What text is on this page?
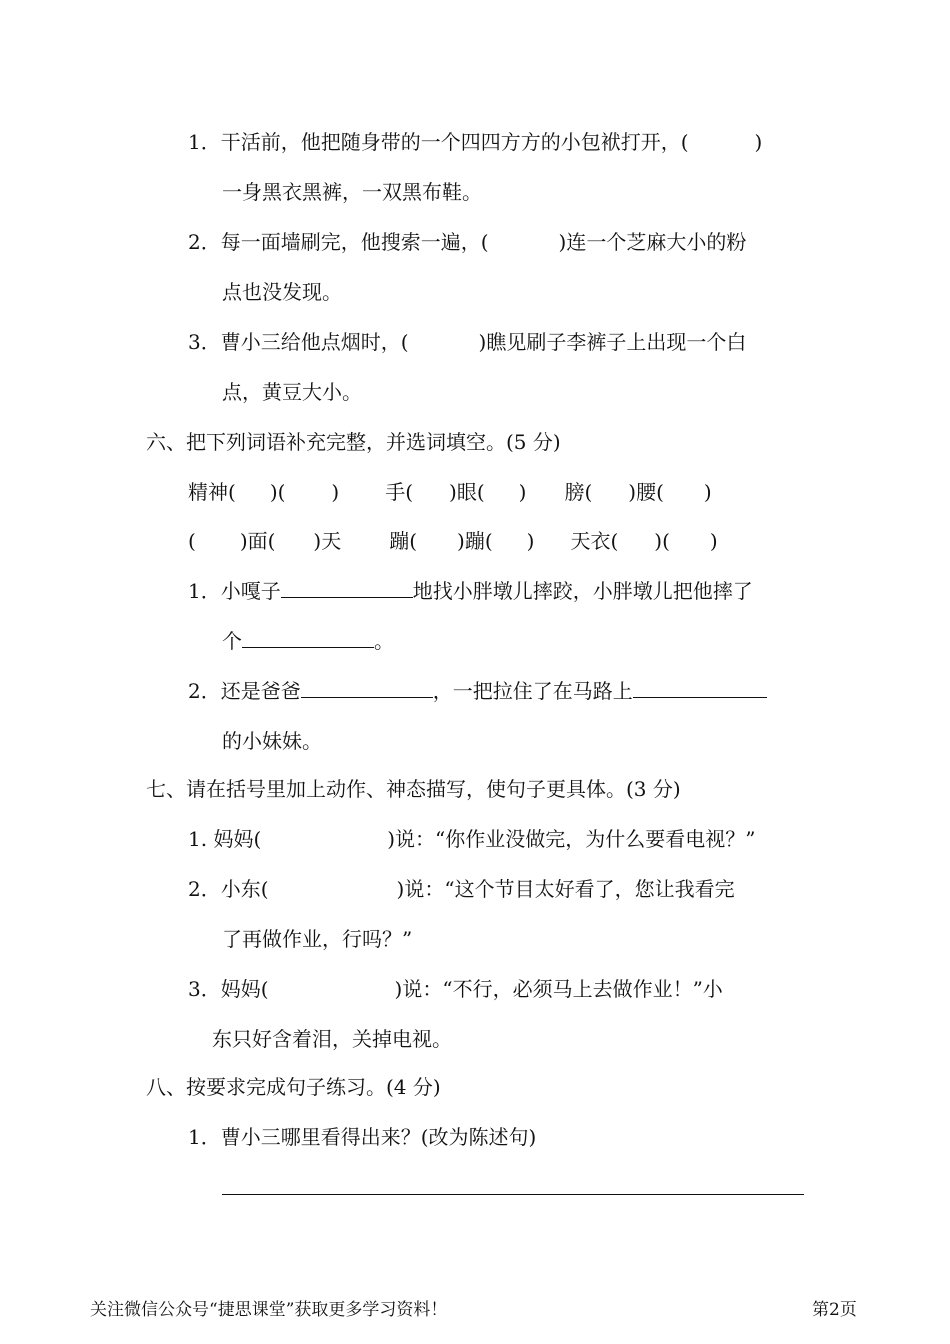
1．干活前，他把随身带的一个四四方方的小包袱打开，(	)
一身黑衣黑裤，一双黑布鞋。
2．每一面墙刷完，他搜索一遍，(	)连一个芝麻大小的粉
点也没发现。
3．曹小三给他点烟时，(	)瞧见刷子李裤子上出现一个白
点，黄豆大小。
六、把下列词语补充完整，并选词填空。(5 分)
精神( )( ) 手( )眼( ) 膀( )腰( )
( )面( )天 蹦( )蹦( ) 天衣( )( )
1．小嘎子	地找小胖墩儿摔跤，小胖墩儿把他摔了
个	。
2．还是爸爸	，一把拉住了在马路上
的小妹妹。
七、请在括号里加上动作、神态描写，使句子更具体。(3 分)
1. 妈妈(	)说：“你作业没做完，为什么要看电视？”
2．小东(	)说：“这个节目太好看了，您让我看完
了再做作业，行吗？”
3．妈妈(	)说：“不行，必须马上去做作业！”小
东只好含着泪，关掉电视。
八、按要求完成句子练习。(4 分)
1．曹小三哪里看得出来？(改为陈述句)
关注微信公众号“捷思课堂”获取更多学习资料！	第2页
